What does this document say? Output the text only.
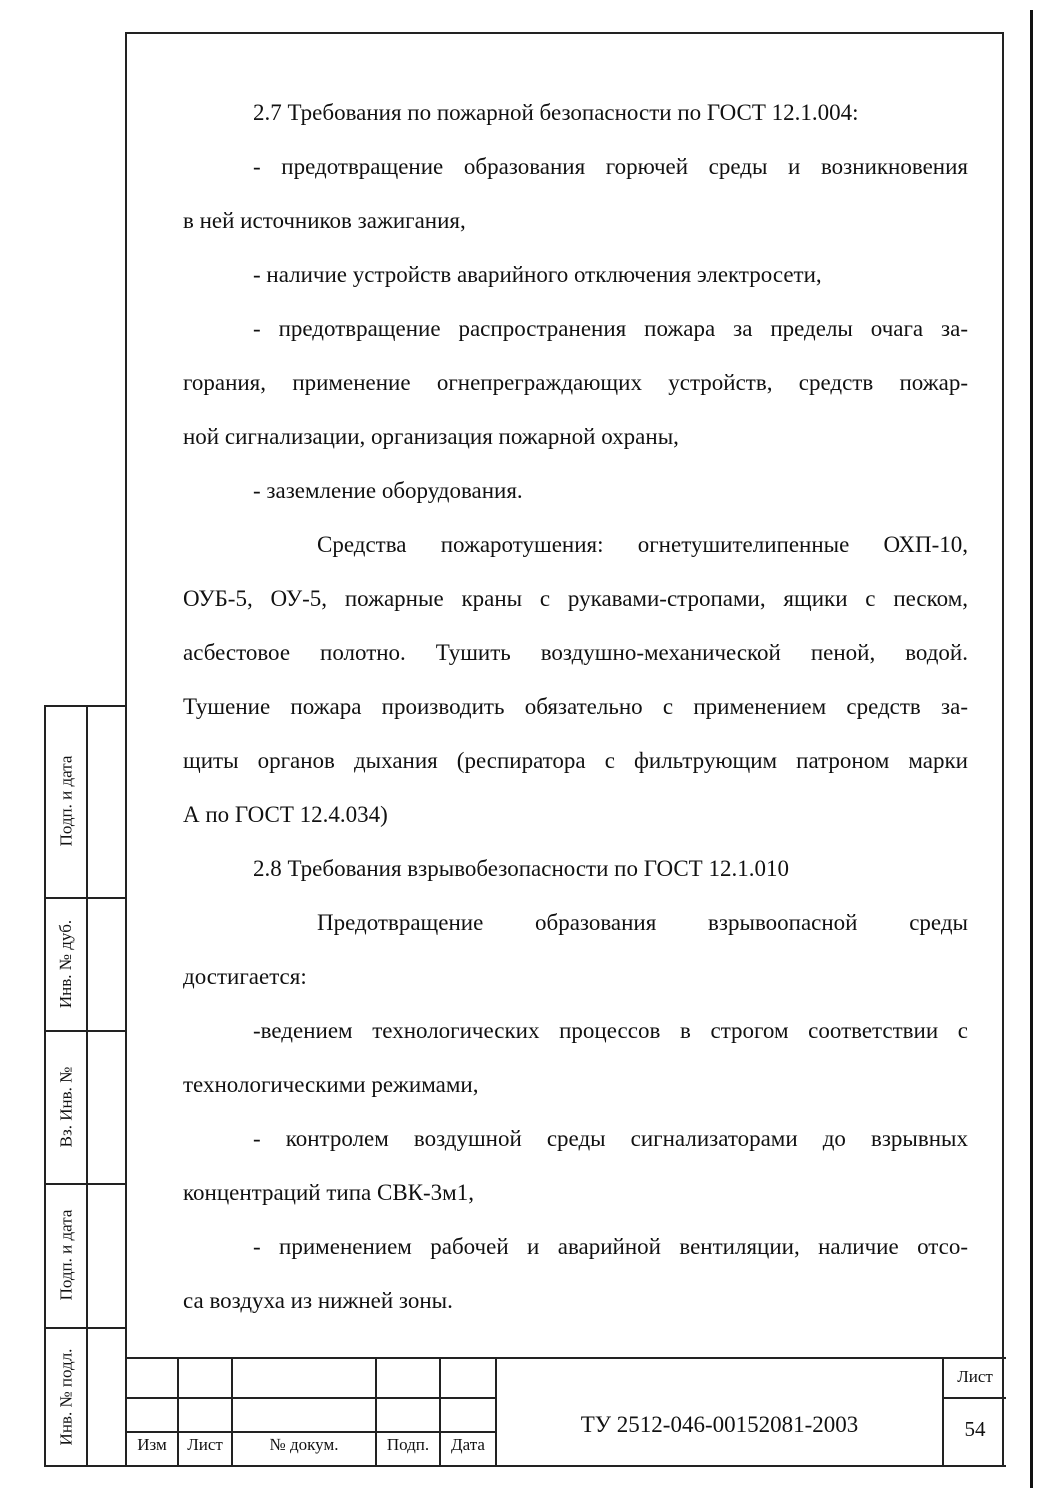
2.7 Требования по пожарной безопасности по ГОСТ 12.1.004:
- предотвращение образования горючей среды и возникновения
в ней источников зажигания,
- наличие устройств аварийного отключения электросети,
- предотвращение распространения пожара за пределы очага за-
горания, применение огнепреграждающих устройств, средств пожар-
ной сигнализации, организация пожарной охраны,
- заземление оборудования.
Средства пожаротушения: огнетушителипенные ОХП-10,
ОУБ-5, ОУ-5, пожарные краны с рукавами-стропами, ящики с песком,
асбестовое полотно. Тушить воздушно-механической пеной, водой.
Тушение пожара производить обязательно с применением средств за-
щиты органов дыхания (респиратора с фильтрующим патроном марки
А по ГОСТ 12.4.034)
2.8 Требования взрывобезопасности по ГОСТ 12.1.010
Предотвращение образования взрывоопасной среды
достигается:
-ведением технологических процессов в строгом соответствии с
технологическими режимами,
- контролем воздушной среды сигнализаторами до взрывных
концентраций типа СВК-3м1,
- применением рабочей и аварийной вентиляции, наличие отсо-
са воздуха из нижней зоны.
Подп. и дата
Инв. № дуб.
Вз. Инв. №
Подп. и дата
Инв. № подл.	Изм	Лист	№ докум.	Подп.	Дата
ТУ 2512-046-00152081-2003
Лист
54
